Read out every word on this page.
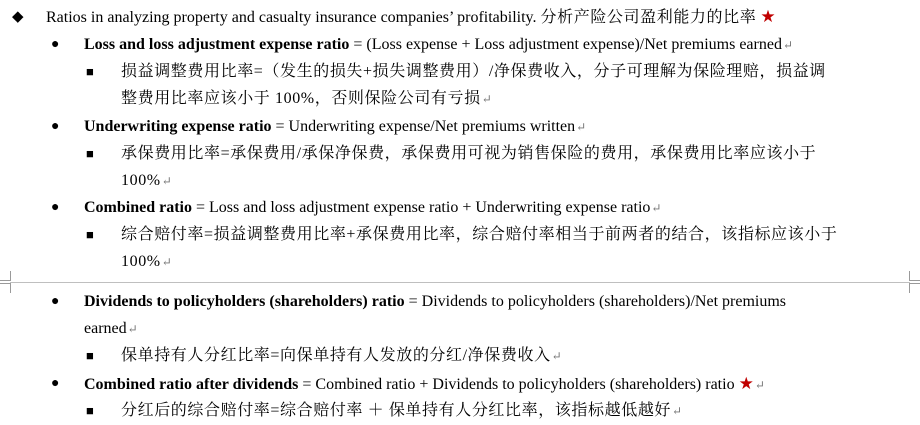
◆ Ratios in analyzing property and casualty insurance companies’ profitability. 分析产险公司盈利能力的比率 ★
● Loss and loss adjustment expense ratio = (Loss expense + Loss adjustment expense)/Net premiums earned↵
■ 损益调整费用比率=（发生的损失+损失调整费用）/净保费收入，分子可理解为保险理赔，损益调
整费用比率应该小于 100%，否则保险公司有亏损↵
● Underwriting expense ratio = Underwriting expense/Net premiums written↵
■ 承保费用比率=承保费用/承保净保费，承保费用可视为销售保险的费用，承保费用比率应该小于
100%↵
● Combined ratio = Loss and loss adjustment expense ratio + Underwriting expense ratio↵
■ 综合赔付率=损益调整费用比率+承保费用比率，综合赔付率相当于前两者的结合，该指标应该小于
100%↵
● Dividends to policyholders (shareholders) ratio = Dividends to policyholders (shareholders)/Net premiums
earned↵
■ 保单持有人分红比率=向保单持有人发放的分红/净保费收入↵
● Combined ratio after dividends = Combined ratio + Dividends to policyholders (shareholders) ratio ★↵
■ 分红后的综合赔付率=综合赔付率 ＋ 保单持有人分红比率，该指标越低越好↵
